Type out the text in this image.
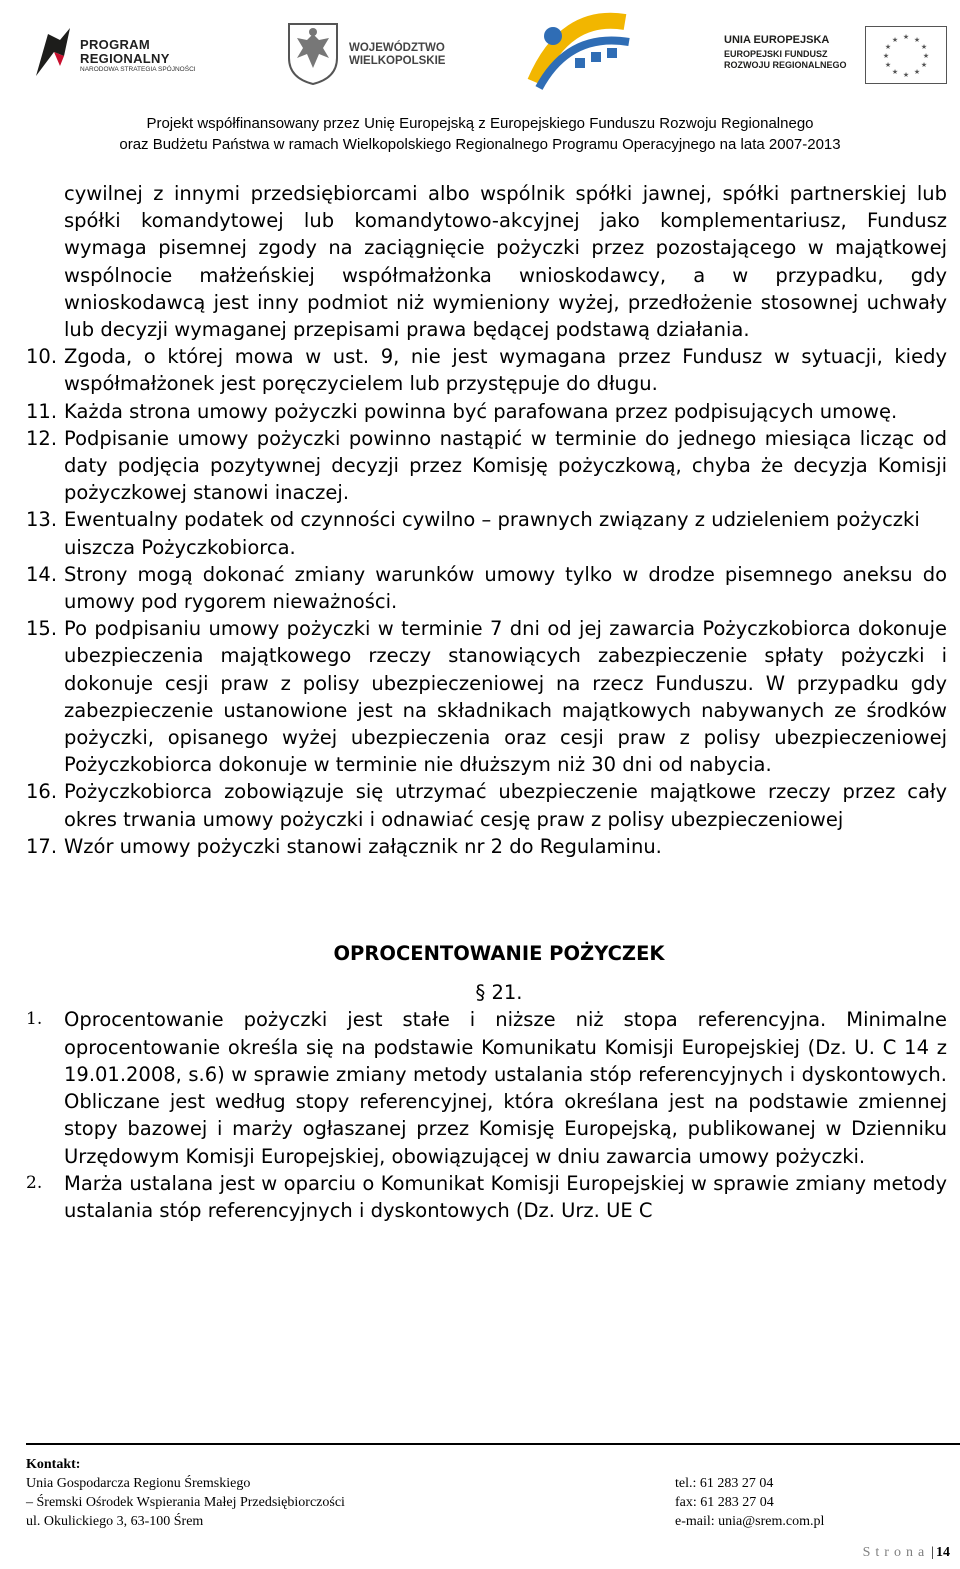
PROGRAM
REGIONALNY
NARODOWA STRATEGIA SPÓJNOŚCI
WOJEWÓDZTWO
WIELKOPOLSKIE
UNIA EUROPEJSKA
EUROPEJSKI FUNDUSZ
ROZWOJU REGIONALNEGO
★ ★
★
★
★
★
★
★
★
★
★
★
Projekt współfinansowany przez Unię Europejską z Europejskiego Funduszu Rozwoju Regionalnego
oraz Budżetu Państwa w ramach Wielkopolskiego Regionalnego Programu Operacyjnego na lata 2007-2013

cywilnej z innymi przedsiębiorcami albo wspólnik spółki jawnej, spółki partnerskiej lub spółki komandytowej lub komandytowo-akcyjnej jako komplementariusz, Fundusz wymaga pisemnej zgody na zaciągnięcie pożyczki przez pozostającego w majątkowej wspólnocie małżeńskiej współmałżonka wnioskodawcy, a w przypadku, gdy wnioskodawcą jest inny podmiot niż wymieniony wyżej, przedłożenie stosownej uchwały lub decyzji wymaganej przepisami prawa będącej podstawą działania.

10. Zgoda, o której mowa w ust. 9, nie jest wymagana przez Fundusz w sytuacji, kiedy współmałżonek jest poręczycielem lub przystępuje do długu.
11. Każda strona umowy pożyczki powinna być parafowana przez podpisujących umowę.
12. Podpisanie umowy pożyczki powinno nastąpić w terminie do jednego miesiąca licząc od daty podjęcia pozytywnej decyzji przez Komisję pożyczkową, chyba że decyzja Komisji pożyczkowej stanowi inaczej.
13. Ewentualny podatek od czynności cywilno – prawnych związany z udzieleniem pożyczki
uiszcza Pożyczkobiorca.
14. Strony mogą dokonać zmiany warunków umowy tylko w drodze pisemnego aneksu do umowy pod rygorem nieważności.
15. Po podpisaniu umowy pożyczki w terminie 7 dni od jej zawarcia Pożyczkobiorca dokonuje ubezpieczenia majątkowego rzeczy stanowiących zabezpieczenie spłaty pożyczki i dokonuje cesji praw z polisy ubezpieczeniowej na rzecz Funduszu. W przypadku gdy zabezpieczenie ustanowione jest na składnikach majątkowych nabywanych ze środków pożyczki, opisanego wyżej ubezpieczenia oraz cesji praw z polisy ubezpieczeniowej Pożyczkobiorca dokonuje w terminie nie dłuższym niż 30 dni od nabycia.
16. Pożyczkobiorca zobowiązuje się utrzymać ubezpieczenie majątkowe rzeczy przez cały okres trwania umowy pożyczki i odnawiać cesję praw z polisy ubezpieczeniowej
17. Wzór umowy pożyczki stanowi załącznik nr 2 do Regulaminu.

OPROCENTOWANIE POŻYCZEK

§ 21.

1. Oprocentowanie pożyczki jest stałe i niższe niż stopa referencyjna. Minimalne oprocentowanie określa się na podstawie Komunikatu Komisji Europejskiej (Dz. U. C 14 z 19.01.2008, s.6) w sprawie zmiany metody ustalania stóp referencyjnych i dyskontowych. Obliczane jest według stopy referencyjnej, która określana jest na podstawie zmiennej stopy bazowej i marży ogłaszanej przez Komisję Europejską, publikowanej w Dzienniku Urzędowym Komisji Europejskiej, obowiązującej w dniu zawarcia umowy pożyczki.
2. Marża ustalana jest w oparciu o Komunikat Komisji Europejskiej w sprawie zmiany metody ustalania stóp referencyjnych i dyskontowych (Dz. Urz. UE C
Kontakt:
Unia Gospodarcza Regionu Śremskiego
– Śremski Ośrodek Wspierania Małej Przedsiębiorczości
ul. Okulickiego 3, 63-100 Śrem
tel.: 61 283 27 04
fax: 61 283 27 04
e-mail: unia@srem.com.pl
Strona | 14
